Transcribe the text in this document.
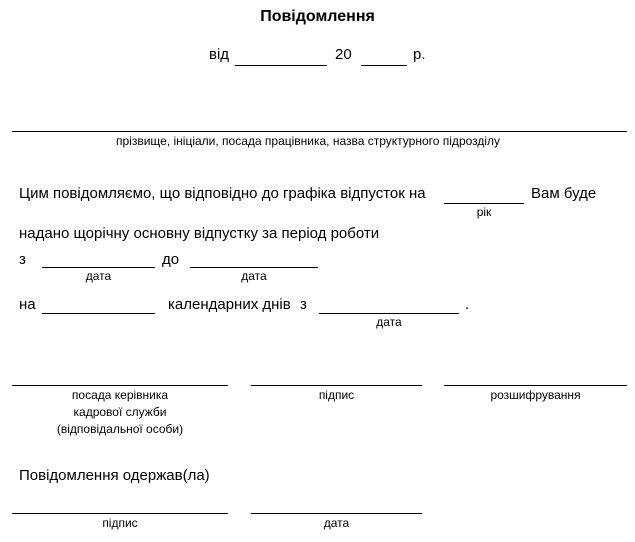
Повідомлення
від	20	р.
прізвище, ініціали, посада працівника, назва структурного підрозділу
Цим повідомляємо, що відповідно до графіка відпусток на	Вам буде
рік
надано щорічну основну відпустку за період роботи
з
дата
до
дата
на	календарних днів з	.
дата
посада керівника
кадрової служби
(відповідальної особи)
підпис	розшифрування
Повідомлення одержав(ла)
підпис	дата
